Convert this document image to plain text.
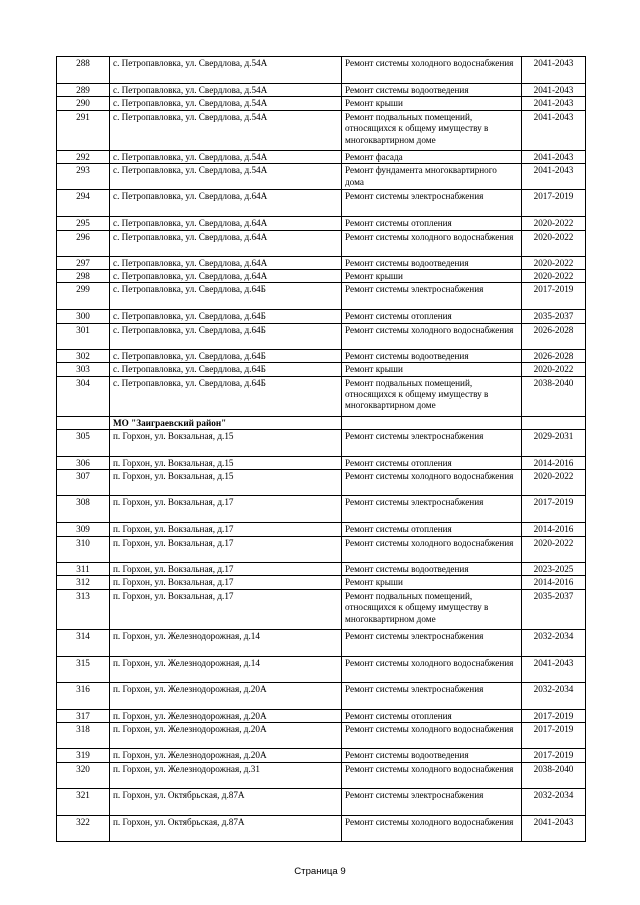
288	с. Петропавловка, ул. Свердлова, д.54А	Ремонт системы холодного водоснабжения	2041-2043
289	с. Петропавловка, ул. Свердлова, д.54А	Ремонт системы водоотведения	2041-2043
290	с. Петропавловка, ул. Свердлова, д.54А	Ремонт крыши	2041-2043
291	с. Петропавловка, ул. Свердлова, д.54А	Ремонт подвальных помещений, относящихся к общему имуществу в многоквартирном доме	2041-2043
292	с. Петропавловка, ул. Свердлова, д.54А	Ремонт фасада	2041-2043
293	с. Петропавловка, ул. Свердлова, д.54А	Ремонт фундамента многоквартирного дома	2041-2043
294	с. Петропавловка, ул. Свердлова, д.64А	Ремонт системы электроснабжения	2017-2019
295	с. Петропавловка, ул. Свердлова, д.64А	Ремонт системы отопления	2020-2022
296	с. Петропавловка, ул. Свердлова, д.64А	Ремонт системы холодного водоснабжения	2020-2022
297	с. Петропавловка, ул. Свердлова, д.64А	Ремонт системы водоотведения	2020-2022
298	с. Петропавловка, ул. Свердлова, д.64А	Ремонт крыши	2020-2022
299	с. Петропавловка, ул. Свердлова, д.64Б	Ремонт системы электроснабжения	2017-2019
300	с. Петропавловка, ул. Свердлова, д.64Б	Ремонт системы отопления	2035-2037
301	с. Петропавловка, ул. Свердлова, д.64Б	Ремонт системы холодного водоснабжения	2026-2028
302	с. Петропавловка, ул. Свердлова, д.64Б	Ремонт системы водоотведения	2026-2028
303	с. Петропавловка, ул. Свердлова, д.64Б	Ремонт крыши	2020-2022
304	с. Петропавловка, ул. Свердлова, д.64Б	Ремонт подвальных помещений, относящихся к общему имуществу в многоквартирном доме	2038-2040
	МО "Заиграевский район"		
305	п. Горхон, ул. Вокзальная, д.15	Ремонт системы электроснабжения	2029-2031
306	п. Горхон, ул. Вокзальная, д.15	Ремонт системы отопления	2014-2016
307	п. Горхон, ул. Вокзальная, д.15	Ремонт системы холодного водоснабжения	2020-2022
308	п. Горхон, ул. Вокзальная, д.17	Ремонт системы электроснабжения	2017-2019
309	п. Горхон, ул. Вокзальная, д.17	Ремонт системы отопления	2014-2016
310	п. Горхон, ул. Вокзальная, д.17	Ремонт системы холодного водоснабжения	2020-2022
311	п. Горхон, ул. Вокзальная, д.17	Ремонт системы водоотведения	2023-2025
312	п. Горхон, ул. Вокзальная, д.17	Ремонт крыши	2014-2016
313	п. Горхон, ул. Вокзальная, д.17	Ремонт подвальных помещений, относящихся к общему имуществу в многоквартирном доме	2035-2037
314	п. Горхон, ул. Железнодорожная, д.14	Ремонт системы электроснабжения	2032-2034
315	п. Горхон, ул. Железнодорожная, д.14	Ремонт системы холодного водоснабжения	2041-2043
316	п. Горхон, ул. Железнодорожная, д.20А	Ремонт системы электроснабжения	2032-2034
317	п. Горхон, ул. Железнодорожная, д.20А	Ремонт системы отопления	2017-2019
318	п. Горхон, ул. Железнодорожная, д.20А	Ремонт системы холодного водоснабжения	2017-2019
319	п. Горхон, ул. Железнодорожная, д.20А	Ремонт системы водоотведения	2017-2019
320	п. Горхон, ул. Железнодорожная, д.31	Ремонт системы холодного водоснабжения	2038-2040
321	п. Горхон, ул. Октябрьская, д.87А	Ремонт системы электроснабжения	2032-2034
322	п. Горхон, ул. Октябрьская, д.87А	Ремонт системы холодного водоснабжения	2041-2043
Страница 9
